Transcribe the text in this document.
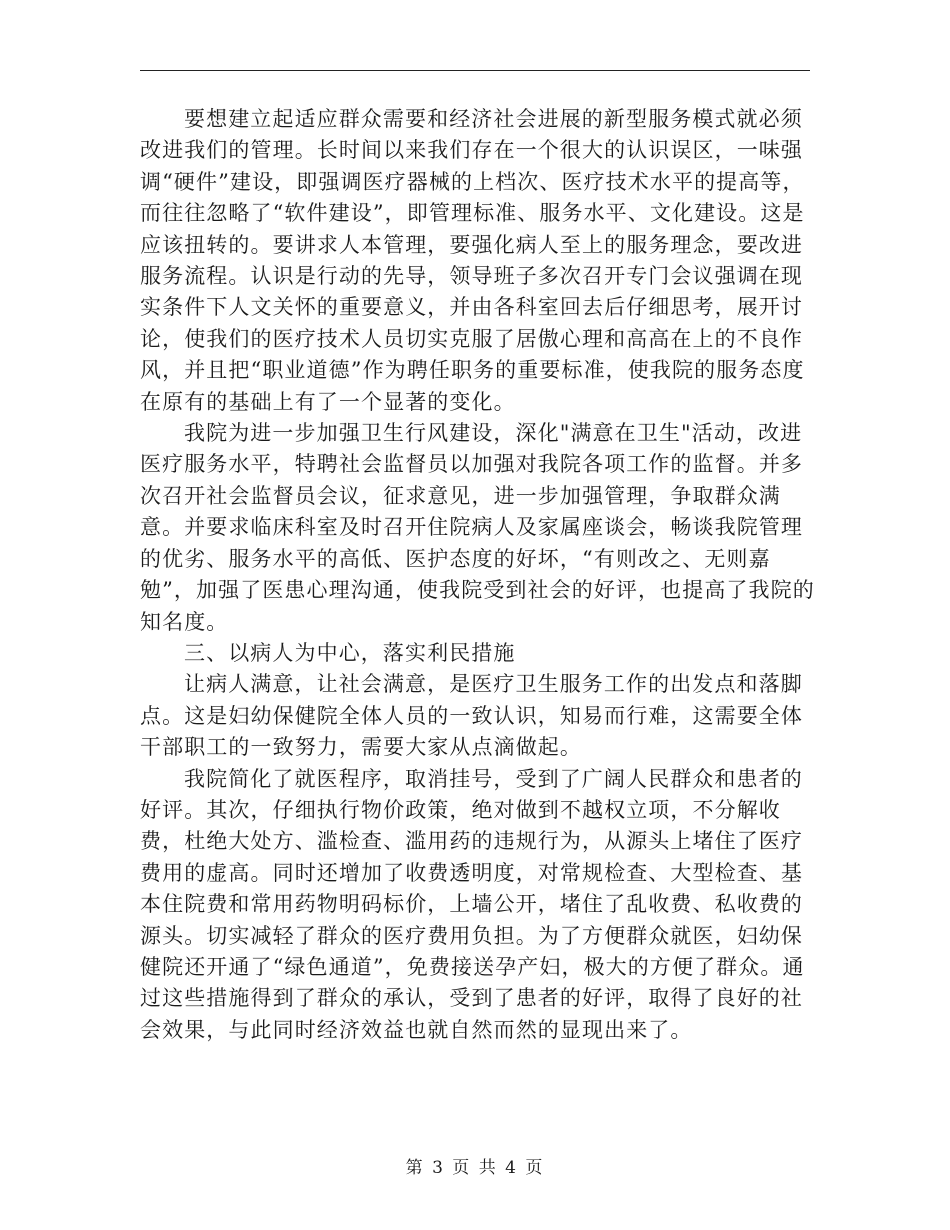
要想建立起适应群众需要和经济社会进展的新型服务模式就必须改进我们的管理。长时间以来我们存在一个很大的认识误区，一味强调“硬件”建设，即强调医疗器械的上档次、医疗技术水平的提高等，而往往忽略了“软件建设”，即管理标准、服务水平、文化建设。这是应该扭转的。要讲求人本管理，要强化病人至上的服务理念，要改进服务流程。认识是行动的先导，领导班子多次召开专门会议强调在现实条件下人文关怀的重要意义，并由各科室回去后仔细思考，展开讨论，使我们的医疗技术人员切实克服了居傲心理和高高在上的不良作风，并且把“职业道德”作为聘任职务的重要标准，使我院的服务态度在原有的基础上有了一个显著的变化。

我院为进一步加强卫生行风建设，深化"满意在卫生"活动，改进医疗服务水平，特聘社会监督员以加强对我院各项工作的监督。并多次召开社会监督员会议，征求意见，进一步加强管理，争取群众满意。并要求临床科室及时召开住院病人及家属座谈会，畅谈我院管理的优劣、服务水平的高低、医护态度的好坏，“有则改之、无则嘉勉”，加强了医患心理沟通，使我院受到社会的好评，也提高了我院的知名度。

三、以病人为中心，落实利民措施

让病人满意，让社会满意，是医疗卫生服务工作的出发点和落脚点。这是妇幼保健院全体人员的一致认识，知易而行难，这需要全体干部职工的一致努力，需要大家从点滴做起。

我院简化了就医程序，取消挂号，受到了广阔人民群众和患者的好评。其次，仔细执行物价政策，绝对做到不越权立项，不分解收费，杜绝大处方、滥检查、滥用药的违规行为，从源头上堵住了医疗费用的虚高。同时还增加了收费透明度，对常规检查、大型检查、基本住院费和常用药物明码标价，上墙公开，堵住了乱收费、私收费的源头。切实减轻了群众的医疗费用负担。为了方便群众就医，妇幼保健院还开通了“绿色通道”，免费接送孕产妇，极大的方便了群众。通过这些措施得到了群众的承认，受到了患者的好评，取得了良好的社会效果，与此同时经济效益也就自然而然的显现出来了。

第 3 页 共 4 页
